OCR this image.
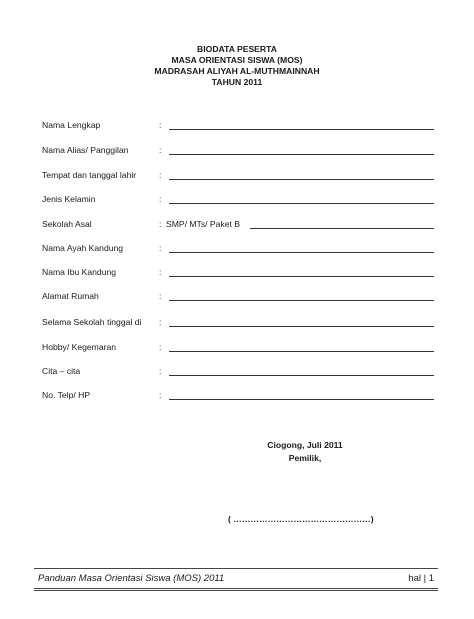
BIODATA PESERTA
MASA ORIENTASI SISWA (MOS)
MADRASAH ALIYAH AL-MUTHMAINNAH
TAHUN 2011
Nama Lengkap	:
Nama Alias/ Panggilan	:
Tempat dan tanggal lahir	:
Jenis Kelamin	:
Sekolah Asal	: SMP/ MTs/ Paket B
Nama Ayah Kandung	:
Nama Ibu Kandung	:
Alamat Rumah	:
Selama Sekolah tinggal di :
Hobby/ Kegemaran	:
Cita – cita	:
No. Telp/ HP	:
Ciogong, Juli 2011
Pemilik,
( …………………………………………)
Panduan Masa Orientasi Siswa (MOS) 2011	hal | 1
